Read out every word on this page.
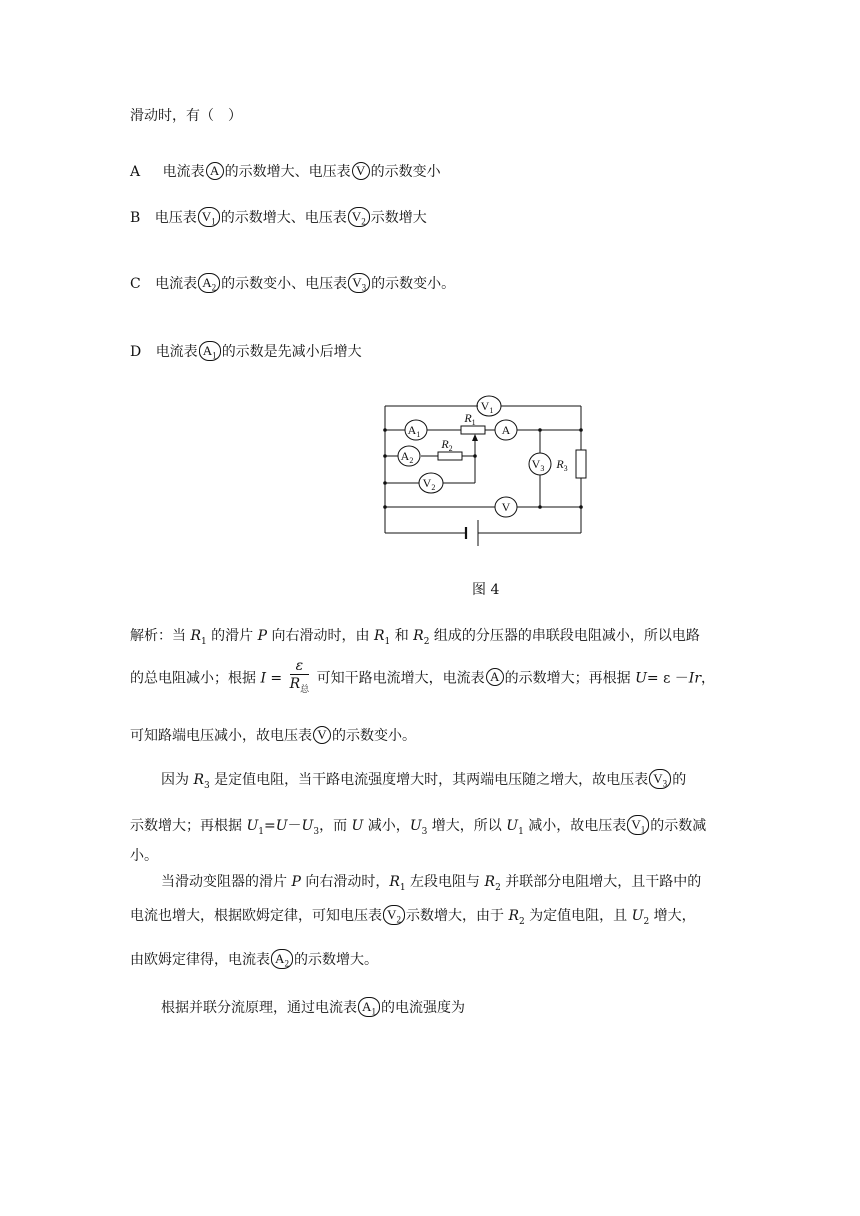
滑动时，有（　）
A 电流表 A 的示数增大、电压表 V 的示数变小
B 电压表 $V_1$ 的示数增大、电压表 $V_2$ 示数增大
C 电流表 $A_2$ 的示数变小、电压表 $V_3$ 的示数变小。
D 电流表 $A_1$ 的示数是先减小后增大
$V_1$
$A_1$	A
$A_2$	$V_3$
$V_2$
V
$R_1$
$R_2$
$R_3$
图 4
解析：当 $R_1$ 的滑片 P 向右滑动时，由 $R_1$ 和 $R_2$ 组成的分压器的串联段电阻减小，所以电路
的总电阻减小；根据 $I = \frac{\varepsilon}{R_总}$ 可知干路电流增大，电流表 A 的示数增大；再根据 U= ε －Ir，
可知路端电压减小，故电压表 V 的示数变小。
因为 $R_3$ 是定值电阻，当干路电流强度增大时，其两端电压随之增大，故电压表 $V_3$ 的
示数增大；再根据 $U_1=U-U_3$，而 U 减小，$U_3$ 增大，所以 $U_1$ 减小，故电压表 $V_1$ 的示数减
小。
当滑动变阻器的滑片 P 向右滑动时，$R_1$ 左段电阻与 $R_2$ 并联部分电阻增大，且干路中的
电流也增大，根据欧姆定律，可知电压表 $V_2$ 示数增大，由于 $R_2$ 为定值电阻，且 $U_2$ 增大，
由欧姆定律得，电流表 $A_2$ 的示数增大。
根据并联分流原理，通过电流表 $A_1$ 的电流强度为
